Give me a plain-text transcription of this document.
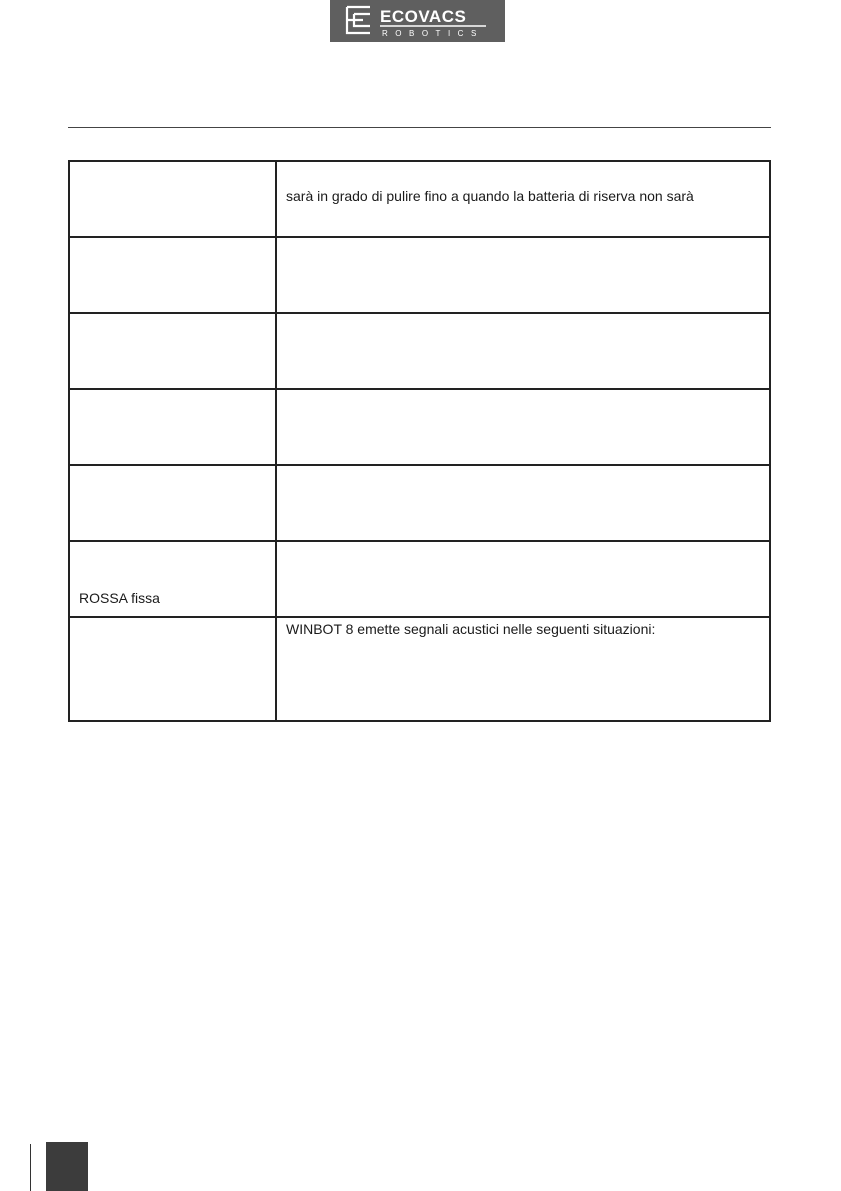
ECOVACS
ROBOTICS

	sarà in grado di pulire fino a quando la batteria di riserva non sarà

ROSSA fissa	

	WINBOT 8 emette segnali acustici nelle seguenti situazioni:
